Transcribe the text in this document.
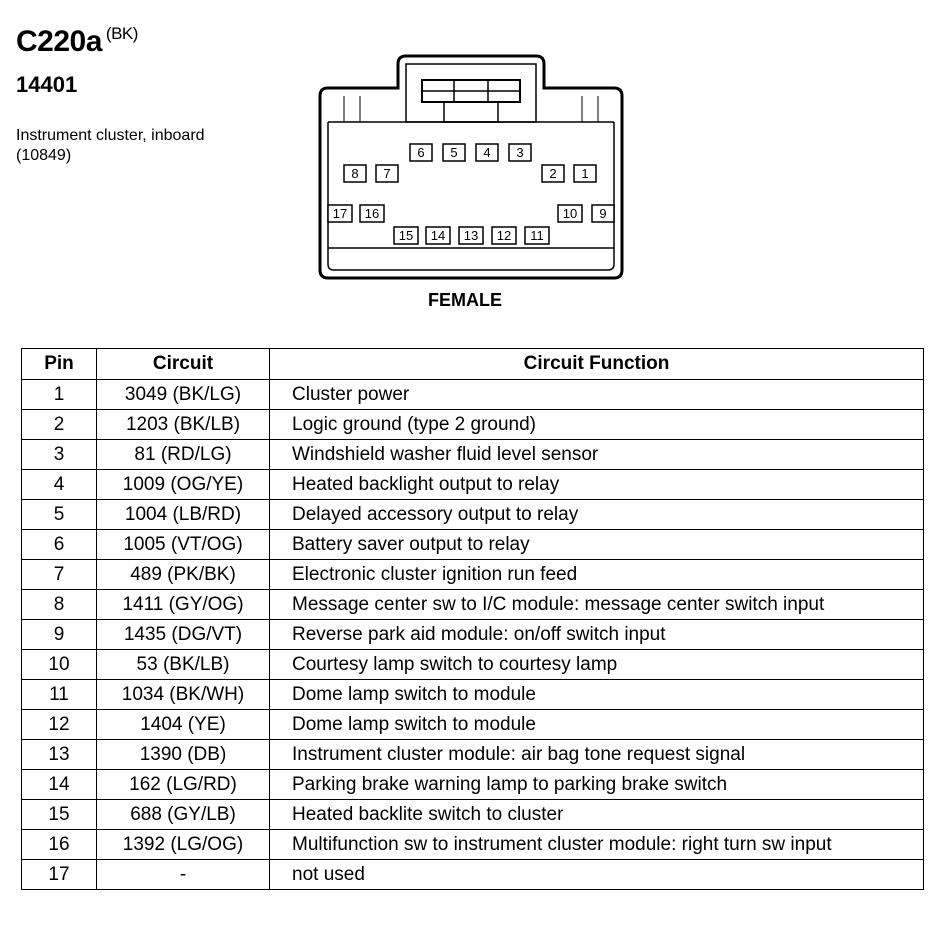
C220a $^{(BK)}$
14401
Instrument cluster, inboard
(10849)	6 5 4 3
8 7	2 1
17 16	10 9
15 14 13 12 11
FEMALE
Pin	Circuit	Circuit Function
1	3049 (BK/LG)	Cluster power
2	1203 (BK/LB)	Logic ground (type 2 ground)
3	81 (RD/LG)	Windshield washer fluid level sensor
4	1009 (OG/YE)	Heated backlight output to relay
5	1004 (LB/RD)	Delayed accessory output to relay
6	1005 (VT/OG)	Battery saver output to relay
7	489 (PK/BK)	Electronic cluster ignition run feed
8	1411 (GY/OG)	Message center sw to I/C module: message center switch input
9	1435 (DG/VT)	Reverse park aid module: on/off switch input
10	53 (BK/LB)	Courtesy lamp switch to courtesy lamp
11	1034 (BK/WH)	Dome lamp switch to module
12	1404 (YE)	Dome lamp switch to module
13	1390 (DB)	Instrument cluster module: air bag tone request signal
14	162 (LG/RD)	Parking brake warning lamp to parking brake switch
15	688 (GY/LB)	Heated backlite switch to cluster
16	1392 (LG/OG)	Multifunction sw to instrument cluster module: right turn sw input
17	-	not used
